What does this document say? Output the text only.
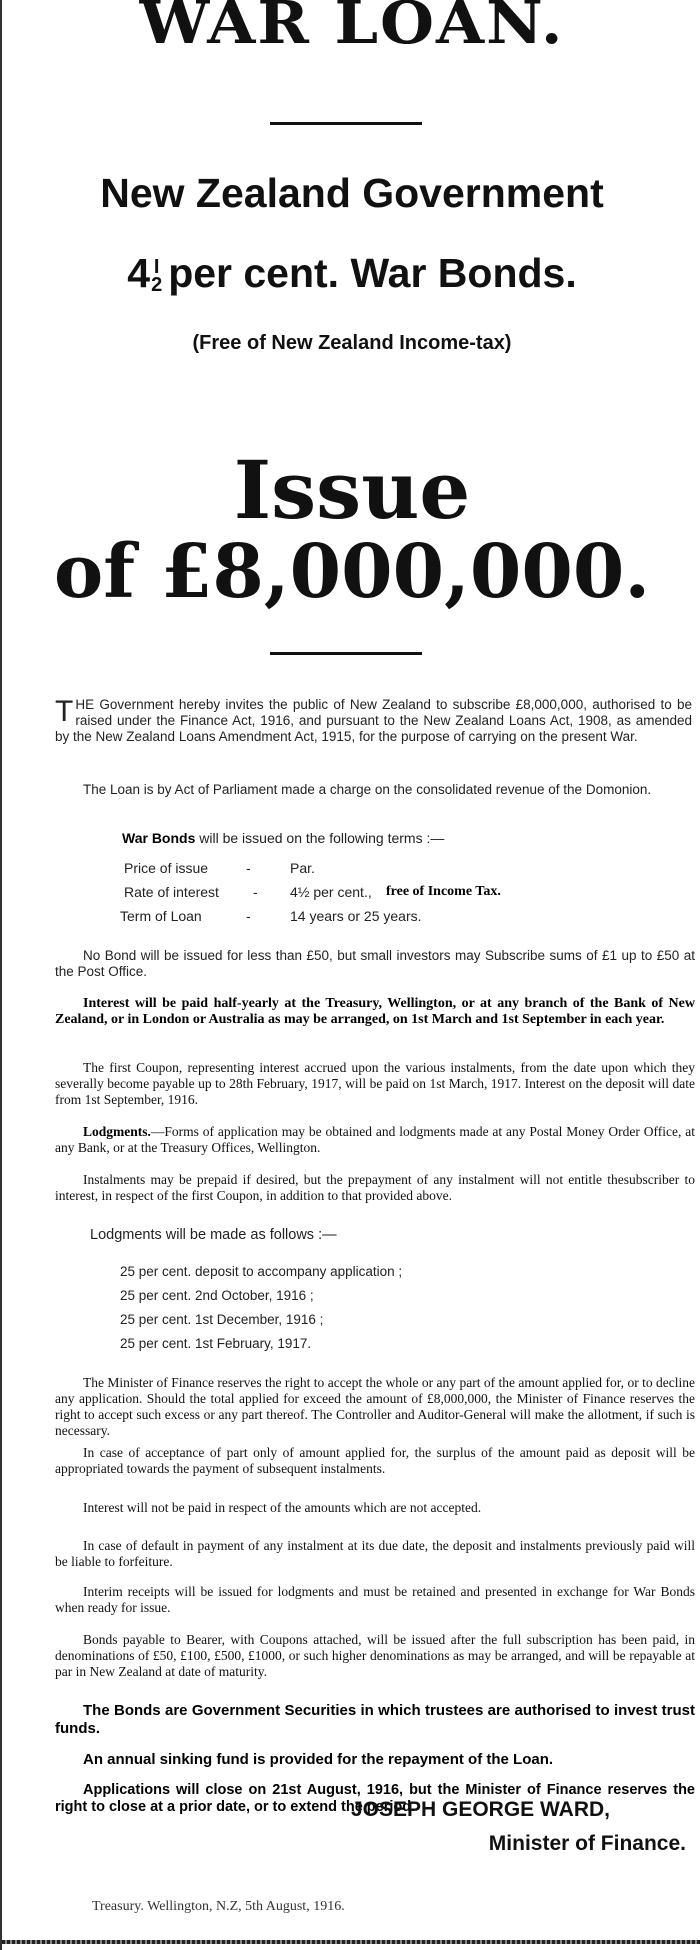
WAR LOAN.
New Zealand Government
4 I
2 per cent. War Bonds.
(Free of New Zealand Income-tax)
Issue
of £8,000,000.
THE Government hereby invites the public of New Zealand to subscribe £8,000,000, authorised to be raised under the Finance Act, 1916, and pursuant to the New Zealand Loans Act, 1908, as amended by the New Zealand Loans Amendment Act, 1915, for the purpose of carrying on the present War.
The Loan is by Act of Parliament made a charge on the consolidated revenue of the Domonion.
War Bonds will be issued on the following terms :—
Price of issue	-	Par.
Rate of interest - 4½ per cent., free of Income Tax.
Term of Loan	-	14 years or 25 years.
No Bond will be issued for less than £50, but small investors may Subscribe sums of £1 up to £50 at the Post Office.
Interest will be paid half-yearly at the Treasury, Wellington, or at any branch of the Bank of New Zealand, or in London or Australia as may be arranged, on 1st March and 1st September in each year.
The first Coupon, representing interest accrued upon the various instalments, from the date upon which they severally become payable up to 28th February, 1917, will be paid on 1st March, 1917. Interest on the deposit will date from 1st September, 1916.
Lodgments.—Forms of application may be obtained and lodgments made at any Postal Money Order Office, at any Bank, or at the Treasury Offices, Wellington.
Instalments may be prepaid if desired, but the prepayment of any instalment will not entitle thesubscriber to interest, in respect of the first Coupon, in addition to that provided above.
Lodgments will be made as follows :—
25 per cent. deposit to accompany application ;
25 per cent. 2nd October, 1916 ;
25 per cent. 1st December, 1916 ;
25 per cent. 1st February, 1917.
The Minister of Finance reserves the right to accept the whole or any part of the amount applied for, or to decline any application. Should the total applied for exceed the amount of £8,000,000, the Minister of Finance reserves the right to accept such excess or any part thereof. The Controller and Auditor-General will make the allotment, if such is necessary.
In case of acceptance of part only of amount applied for, the surplus of the amount paid as deposit will be appropriated towards the payment of subsequent instalments.
Interest will not be paid in respect of the amounts which are not accepted.
In case of default in payment of any instalment at its due date, the deposit and instalments previously paid will be liable to forfeiture.
Interim receipts will be issued for lodgments and must be retained and presented in exchange for War Bonds when ready for issue.
Bonds payable to Bearer, with Coupons attached, will be issued after the full subscription has been paid, in denominations of £50, £100, £500, £1000, or such higher denominations as may be arranged, and will be repayable at par in New Zealand at date of maturity.
The Bonds are Government Securities in which trustees are authorised to invest trust funds.
An annual sinking fund is provided for the repayment of the Loan.
Applications will close on 21st August, 1916, but the Minister of Finance reserves the right to close at a prior date, or to extend the period.
JOSEPH GEORGE WARD,
Minister of Finance.
Treasury. Wellington, N.Z, 5th August, 1916.
